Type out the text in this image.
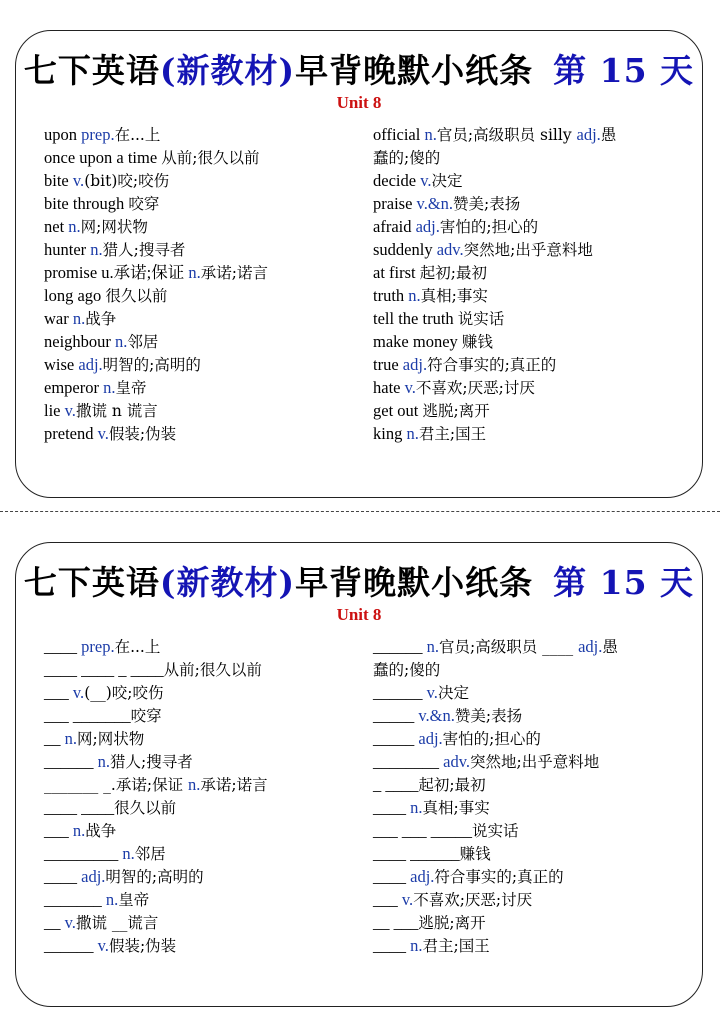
七下英语(新教材)早背晚默小纸条 第 15 天
Unit 8
upon prep.在...上
once upon a time 从前;很久以前
bite v.(bit)咬;咬伤
bite through 咬穿
net n.网;网状物
hunter n.猎人;搜寻者
promise u.承诺;保证 n.承诺;诺言
long ago 很久以前
war n.战争
neighbour n.邻居
wise adj.明智的;高明的
emperor n.皇帝
lie v.撒谎 n 谎言
pretend v.假装;伪装
official n.官员;高级职员 silly adj.愚
蠢的;傻的
decide v.决定
praise v.&n.赞美;表扬
afraid adj.害怕的;担心的
suddenly adv.突然地;出乎意料地
at first 起初;最初
truth n.真相;事实
tell the truth 说实话
make money 赚钱
true adj.符合事实的;真正的
hate v.不喜欢;厌恶;讨厌
get out 逃脱;离开
king n.君主;国王
七下英语(新教材)早背晚默小纸条 第 15 天
Unit 8
____ prep.在...上
____ ____ _ ____从前;很久以前
___ v.(__)咬;咬伤
___ _______咬穿
__ n.网;网状物
______ n.猎人;搜寻者
_______ _.承诺;保证 n.承诺;诺言
____ ____很久以前
___ n.战争
_________ n.邻居
____ adj.明智的;高明的
_______ n.皇帝
__ v.撒谎 __谎言
______ v.假装;伪装
______ n.官员;高级职员 ____ adj.愚
蠢的;傻的
______ v.决定
_____ v.&n.赞美;表扬
_____ adj.害怕的;担心的
________ adv.突然地;出乎意料地
_ ____起初;最初
____ n.真相;事实
___ ___ _____说实话
____ ______赚钱
____ adj.符合事实的;真正的
___ v.不喜欢;厌恶;讨厌
__ ___逃脱;离开
____ n.君主;国王
